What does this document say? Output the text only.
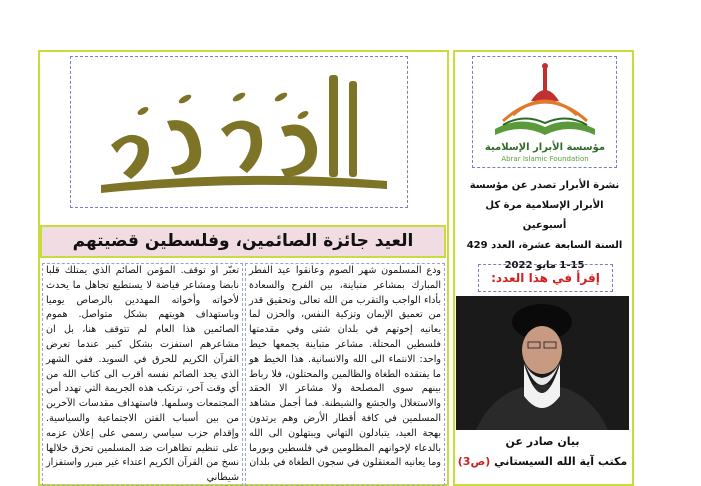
العيد جائزة الصائمين، وفلسطين قضيتهم
ودع المسلمون شهر الصوم وعانقوا عيد الفطر المبارك بمشاعر متباينة، بين الفرح والسعادة بأداء الواجب والتقرب من الله تعالى وتحقيق قدر من تعميق الإيمان وتزكية النفس، والحزن لما يعانيه إخوتهم في بلدان شتى وفي مقدمتها فلسطين المحتلة. مشاعر متباينة يجمعها خيط واحد: الانتماء الى الله والانسانية. هذا الخيط هو ما يفتقده الطغاة والظالمين والمحتلون، فلا رباط بينهم سوى المصلحة ولا مشاعر الا الحقد والاستغلال والجشع والشيطنة. فما أجمل مشاهد المسلمين في كافة أقطار الأرض وهم يرتدون بهجة العيد، يتبادلون التهاني ويبتهلون الى الله بالدعاء لإخوانهم المظلومين في فلسطين وبورما وما يعانيه المعتقلون في سجون الطغاة في بلدان
تعبّر او توقف. المؤمن الصائم الذي يمتلك قلبا نابضا ومشاعر فياضة لا يستطيع تجاهل ما يحدث لأخواته وأخواته المهددين بالرصاص يوميا وباستهداف هويتهم بشكل متواصل. هموم الصائمين هذا العام لم تتوقف هنا، بل ان مشاعرهم استفزت بشكل كبير عندما تعرض القرآن الكريم للحرق في السويد. ففي الشهر الذي يجد الصائم نفسه أقرب الى كتاب الله من أي وقت آخر، ترتكب هذه الجريمة التي تهدد أمن المجتمعات وسلمها. فاستهداف مقدسات الآخرين من بين أسباب الفتن الاجتماعية والسياسية. وإقدام حزب سياسي رسمي على إعلان عزمه على تنظيم تظاهرات ضد المسلمين تحرق خلالها نسخ من القرآن الكريم اعتداء غير مبرر واستفزاز شيطاني
مؤسسة الأبرار الإسلامية
Abrar Islamic Foundation
نشرة الأبرار تصدر عن مؤسسة
الأبرار الإسلامية مرة كل أسبوعين
السنة السابعة عشرة، العدد 429
1-15 مايو 2022
إقرأ في هذا العدد:
بيان صادر عن
مكتب آية الله السيستاني (ص3)
